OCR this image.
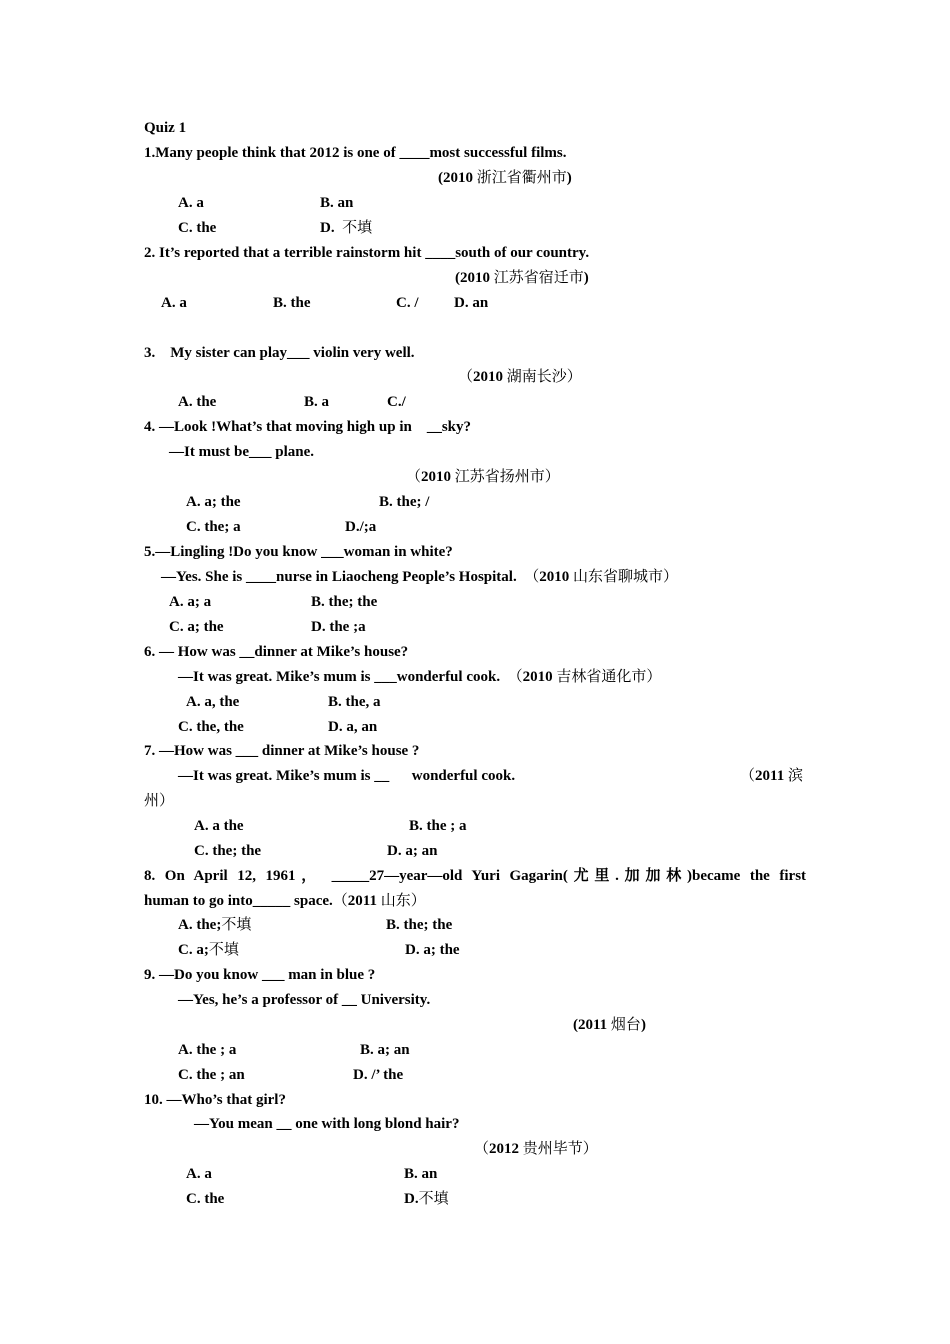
Quiz 1
1.Many people think that 2012 is one of ____most successful films.
(2010 浙江省衢州市)
A. a	B. an
C. the	D. 不填
2. It’s reported that a terrible rainstorm hit ____south of our country.
(2010 江苏省宿迁市)
A. a	B. the	C. / D. an
3.    My sister can play___ violin very well.
（2010 湖南长沙）
A. the	B. a	C./
4. —Look !What’s that moving high up in    __sky?
—It must be___ plane.
（2010 江苏省扬州市）
A. a; the	B. the; /
C. the; a	D./;a
5.—Lingling !Do you know ___woman in white?
—Yes. She is ____nurse in Liaocheng People’s Hospital. （2010 山东省聊城市）
A. a; a	B. the; the
C. a; the	D. the ;a
6. — How was __dinner at Mike’s house?
—It was great. Mike’s mum is ___wonderful cook. （2010 吉林省通化市）
A. a, the	B. the, a
C. the, the	D. a, an
7. —How was ___ dinner at Mike’s house ?
—It was great. Mike’s mum is __      wonderful cook.	（2011 滨
州）
A. a the	B. the ; a
C. the; the	D. a; an
8. On April 12, 1961， _____27—year—old Yuri Gagarin(尤里.加加林)became the first
human to go into_____ space.（2011 山东）
A. the;不填	B. the; the
C. a;不填	D. a; the
9. —Do you know ___ man in blue ?
—Yes, he’s a professor of __ University.
(2011 烟台)
A. the ; a	B. a; an
C. the ; an	D. /’ the
10. —Who’s that girl?
—You mean __ one with long blond hair?
（2012 贵州毕节）
A. a	B. an
C. the	D.不填
